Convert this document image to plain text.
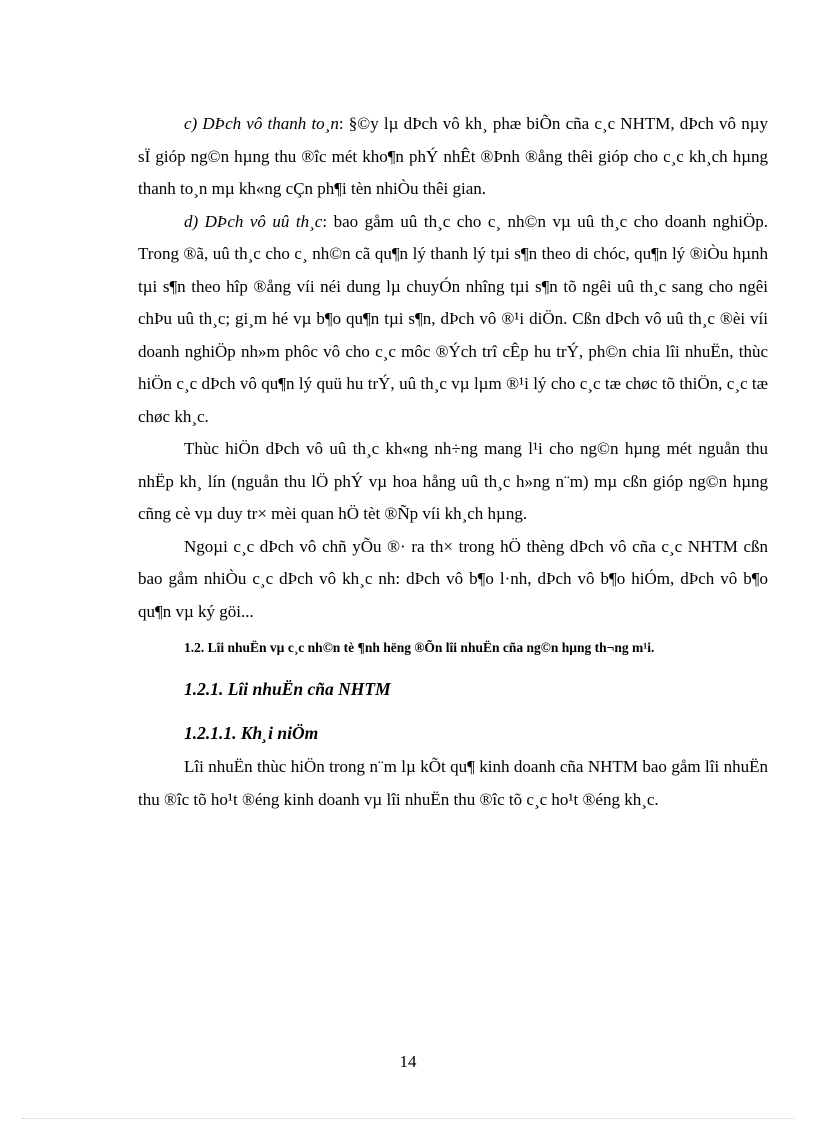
c) DÞch vô thanh to¸n: §©y lµ dÞch vô kh¸ phæ biÕn cña c¸c NHTM, dÞch vô nµy sÏ gióp ng©n hµng thu ®îc mét kho¶n phÝ nhÊt ®Þnh ®ång thêi gióp cho c¸c kh¸ch hµng thanh to¸n mµ kh«ng cÇn ph¶i tèn nhiÒu thêi gian.

d) DÞch vô uû th¸c: bao gåm uû th¸c cho c¸ nh©n vµ uû th¸c cho doanh nghiÖp. Trong ®ã, uû th¸c cho c¸ nh©n cã qu¶n lý thanh lý tµi s¶n theo di chóc, qu¶n lý ®iÒu hµnh tµi s¶n theo hîp ®ång víi néi dung lµ chuyÓn nhîng tµi s¶n tõ ngêi uû th¸c sang cho ngêi chÞu uû th¸c; gi¸m hé vµ b¶o qu¶n tµi s¶n, dÞch vô ®¹i diÖn. Cßn dÞch vô uû th¸c ®èi víi doanh nghiÖp nh»m phôc vô cho c¸c môc ®Ých trî cÊp hu trÝ, ph©n chia lîi nhuËn, thùc hiÖn c¸c dÞch vô qu¶n lý quü hu trÝ, uû th¸c vµ lµm ®¹i lý cho c¸c tæ chøc tõ thiÖn, c¸c tæ chøc kh¸c.

Thùc hiÖn dÞch vô uû th¸c kh«ng nh÷ng mang l¹i cho ng©n hµng mét nguån thu nhËp kh¸ lín (nguån thu lÖ phÝ vµ hoa hång uû th¸c h»ng n¨m) mµ cßn gióp ng©n hµng cñng cè vµ duy tr× mèi quan hÖ tèt ®Ñp víi kh¸ch hµng.

Ngoµi c¸c dÞch vô chñ yÕu ®· ra th× trong hÖ thèng dÞch vô cña c¸c NHTM cßn bao gåm nhiÒu c¸c dÞch vô kh¸c nh: dÞch vô b¶o l·nh, dÞch vô b¶o hiÓm, dÞch vô b¶o qu¶n vµ ký göi...

1.2. Lîi nhuËn vµ c¸c nh©n tè ¶nh hëng ®Õn lîi nhuËn cña ng©n hµng th¬ng m¹i.

1.2.1. Lîi nhuËn cña NHTM

1.2.1.1. Kh¸i niÖm

Lîi nhuËn thùc hiÖn trong n¨m lµ kÕt qu¶ kinh doanh cña NHTM bao gåm lîi nhuËn thu ®îc tõ ho¹t ®éng kinh doanh vµ lîi nhuËn thu ®îc tõ c¸c ho¹t ®éng kh¸c.

14
